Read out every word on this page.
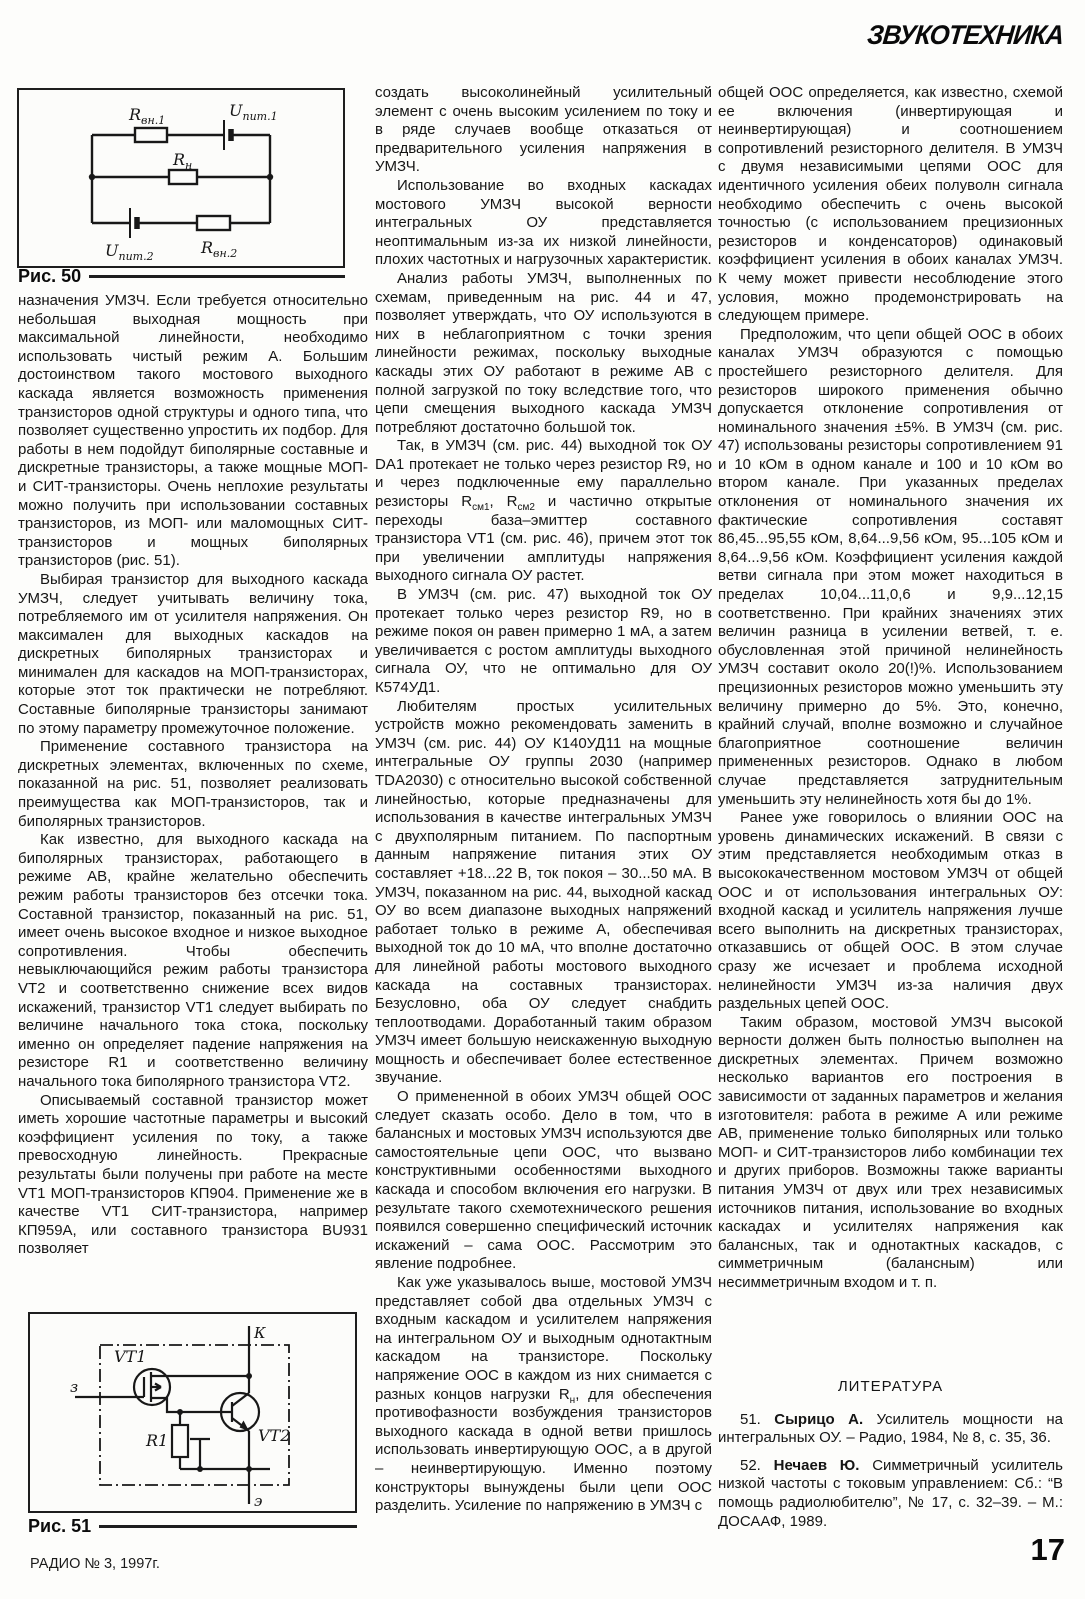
ЗВУКОТЕХНИКА
$R_{вн.1}$
$U_{пит.1}$
$R_н$
$U_{пит.2}$	$R_{вн.2}$
Рис. 50

назначения УМЗЧ. Если требуется относительно небольшая выходная мощность при максимальной линейности, необходимо использовать чистый режим А. Большим достоинством такого мостового выходного каскада является возможность применения транзисторов одной структуры и одного типа, что позволяет существенно упростить их подбор. Для работы в нем подойдут биполярные составные и дискретные транзисторы, а также мощные МОП- и СИТ-транзисторы. Очень неплохие результаты можно получить при использовании составных транзисторов, из МОП- или маломощных СИТ-транзисторов и мощных биполярных транзисторов (рис. 51).

Выбирая транзистор для выходного каскада УМЗЧ, следует учитывать величину тока, потребляемого им от усилителя напряжения. Он максимален для выходных каскадов на дискретных биполярных транзисторах и минимален для каскадов на МОП-транзисторах, которые этот ток практически не потребляют. Составные биполярные транзисторы занимают по этому параметру промежуточное положение.

Применение составного транзистора на дискретных элементах, включенных по схеме, показанной на рис. 51, позволяет реализовать преимущества как МОП-транзисторов, так и биполярных транзисторов.

Как известно, для выходного каскада на биполярных транзисторах, работающего в режиме АВ, крайне желательно обеспечить режим работы транзисторов без отсечки тока. Составной транзистор, показанный на рис. 51, имеет очень высокое входное и низкое выходное сопротивления. Чтобы обеспечить невыключающийся режим работы транзистора VT2 и соответственно снижение всех видов искажений, транзистор VT1 следует выбирать по величине начального тока стока, поскольку именно он определяет падение напряжения на резисторе R1 и соответственно величину начального тока биполярного транзистора VT2.

Описываемый составной транзистор может иметь хорошие частотные параметры и высокий коэффициент усиления по току, а также превосходную линейность. Прекрасные результаты были получены при работе на месте VT1 МОП-транзисторов КП904. Применение же в качестве VT1 СИТ-транзистора, например КП959А, или составного транзистора BU931 позволяет

VT1
VT2
R1
К
з
э
Рис. 51

создать высоколинейный усилительный элемент с очень высоким усилением по току и в ряде случаев вообще отказаться от предварительного усиления напряжения в УМЗЧ.

Использование во входных каскадах мостового УМЗЧ высокой верности интегральных ОУ представляется неоптимальным из-за их низкой линейности, плохих частотных и нагрузочных характеристик.

Анализ работы УМЗЧ, выполненных по схемам, приведенным на рис. 44 и 47, позволяет утверждать, что ОУ используются в них в неблагоприятном с точки зрения линейности режимах, поскольку выходные каскады этих ОУ работают в режиме АВ с полной загрузкой по току вследствие того, что цепи смещения выходного каскада УМЗЧ потребляют достаточно большой ток.

Так, в УМЗЧ (см. рис. 44) выходной ток ОУ DA1 протекает не только через резистор R9, но и через подключенные ему параллельно резисторы $R_{см1}$, $R_{см2}$ и частично открытые переходы база–эмиттер составного транзистора VT1 (см. рис. 46), причем этот ток при увеличении амплитуды напряжения выходного сигнала ОУ растет.

В УМЗЧ (см. рис. 47) выходной ток ОУ протекает только через резистор R9, но в режиме покоя он равен примерно 1 мА, а затем увеличивается с ростом амплитуды выходного сигнала ОУ, что не оптимально для ОУ К574УД1.

Любителям простых усилительных устройств можно рекомендовать заменить в УМЗЧ (см. рис. 44) ОУ К140УД11 на мощные интегральные ОУ группы 2030 (например TDA2030) с относительно высокой собственной линейностью, которые предназначены для использования в качестве интегральных УМЗЧ с двухполярным питанием. По паспортным данным напряжение питания этих ОУ составляет +18...22 В, ток покоя – 30...50 мА. В УМЗЧ, показанном на рис. 44, выходной каскад ОУ во всем диапазоне выходных напряжений работает только в режиме А, обеспечивая выходной ток до 10 мА, что вполне достаточно для линейной работы мостового выходного каскада на составных транзисторах. Безусловно, оба ОУ следует снабдить теплоотводами. Доработанный таким образом УМЗЧ имеет большую неискаженную выходную мощность и обеспечивает более естественное звучание.

О примененной в обоих УМЗЧ общей ООС следует сказать особо. Дело в том, что в балансных и мостовых УМЗЧ используются две самостоятельные цепи ООС, что вызвано конструктивными особенностями выходного каскада и способом включения его нагрузки. В результате такого схемотехнического решения появился совершенно специфический источник искажений – сама ООС. Рассмотрим это явление подробнее.

Как уже указывалось выше, мостовой УМЗЧ представляет собой два отдельных УМЗЧ с входным каскадом и усилителем напряжения на интегральном ОУ и выходным однотактным каскадом на транзисторе. Поскольку напряжение ООС в каждом из них снимается с разных концов нагрузки $R_н$, для обеспечения противофазности возбуждения транзисторов выходного каскада в одной ветви пришлось использовать инвертирующую ООС, а в другой – неинвертирующую. Именно поэтому конструкторы вынуждены были цепи ООС разделить. Усиление по напряжению в УМЗЧ с

общей ООС определяется, как известно, схемой ее включения (инвертирующая и неинвертирующая) и соотношением сопротивлений резисторного делителя. В УМЗЧ с двумя независимыми цепями ООС для идентичного усиления обеих полуволн сигнала необходимо обеспечить с очень высокой точностью (с использованием прецизионных резисторов и конденсаторов) одинаковый коэффициент усиления в обоих каналах УМЗЧ. К чему может привести несоблюдение этого условия, можно продемонстрировать на следующем примере.

Предположим, что цепи общей ООС в обоих каналах УМЗЧ образуются с помощью простейшего резисторного делителя. Для резисторов широкого применения обычно допускается отклонение сопротивления от номинального значения ±5%. В УМЗЧ (см. рис. 47) использованы резисторы сопротивлением 91 и 10 кОм в одном канале и 100 и 10 кОм во втором канале. При указанных пределах отклонения от номинального значения их фактические сопротивления составят 86,45...95,55 кОм, 8,64...9,56 кОм, 95...105 кОм и 8,64...9,56 кОм. Коэффициент усиления каждой ветви сигнала при этом может находиться в пределах 10,04...11,0,6 и 9,9...12,15 соответственно. При крайних значениях этих величин разница в усилении ветвей, т. е. обусловленная этой причиной нелинейность УМЗЧ составит около 20(!)%. Использованием прецизионных резисторов можно уменьшить эту величину примерно до 5%. Это, конечно, крайний случай, вполне возможно и случайное благоприятное соотношение величин примененных резисторов. Однако в любом случае представляется затруднительным уменьшить эту нелинейность хотя бы до 1%.

Ранее уже говорилось о влиянии ООС на уровень динамических искажений. В связи с этим представляется необходимым отказ в высококачественном мостовом УМЗЧ от общей ООС и от использования интегральных ОУ: входной каскад и усилитель напряжения лучше всего выполнить на дискретных транзисторах, отказавшись от общей ООС. В этом случае сразу же исчезает и проблема исходной нелинейности УМЗЧ из-за наличия двух раздельных цепей ООС.

Таким образом, мостовой УМЗЧ высокой верности должен быть полностью выполнен на дискретных элементах. Причем возможно несколько вариантов его построения в зависимости от заданных параметров и желания изготовителя: работа в режиме А или режиме АВ, применение только биполярных или только МОП- и СИТ-транзисторов либо комбинации тех и других приборов. Возможны также варианты питания УМЗЧ от двух или трех независимых источников питания, использование во входных каскадах и усилителях напряжения как балансных, так и однотактных каскадов, с симметричным (балансным) или несимметричным входом и т. п.

ЛИТЕРАТУРА

51. Сырицо А. Усилитель мощности на интегральных ОУ. – Радио, 1984, № 8, с. 35, 36.

52. Нечаев Ю. Симметричный усилитель низкой частоты с токовым управлением: Сб.: “В помощь радиолюбителю”, № 17, с. 32–39. – М.: ДОСААФ, 1989.

РАДИО № 3, 1997г.	17
